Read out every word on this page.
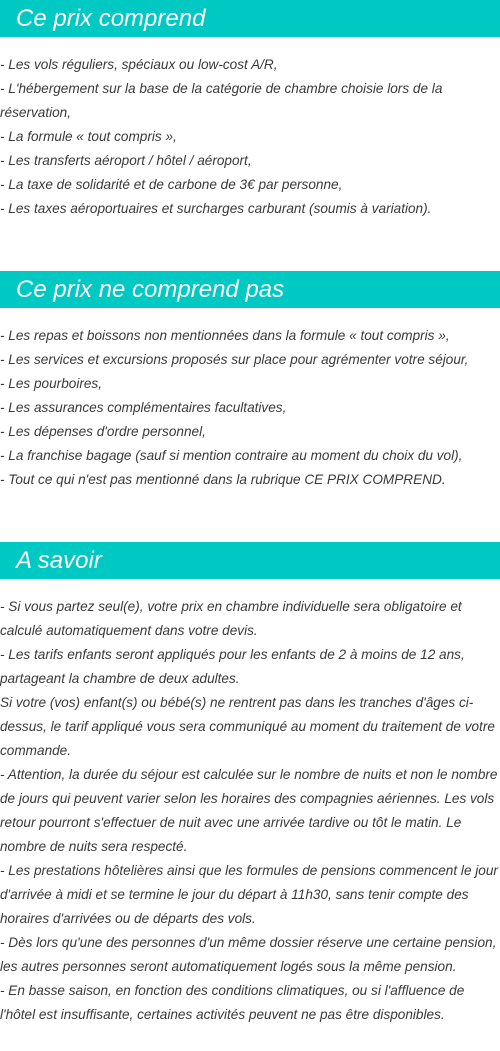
Ce prix comprend
- Les vols réguliers, spéciaux ou low-cost A/R,
- L'hébergement sur la base de la catégorie de chambre choisie lors de la réservation,
- La formule « tout compris »,
- Les transferts aéroport / hôtel / aéroport,
- La taxe de solidarité et de carbone de 3€ par personne,
- Les taxes aéroportuaires et surcharges carburant (soumis à variation).
Ce prix ne comprend pas
- Les repas et boissons non mentionnées dans la formule « tout compris »,
- Les services et excursions proposés sur place pour agrémenter votre séjour,
- Les pourboires,
- Les assurances complémentaires facultatives,
- Les dépenses d'ordre personnel,
- La franchise bagage (sauf si mention contraire au moment du choix du vol),
- Tout ce qui n'est pas mentionné dans la rubrique CE PRIX COMPREND.
A savoir
- Si vous partez seul(e), votre prix en chambre individuelle sera obligatoire et calculé automatiquement dans votre devis.
- Les tarifs enfants seront appliqués pour les enfants de 2 à moins de 12 ans, partageant la chambre de deux adultes.
Si votre (vos) enfant(s) ou bébé(s) ne rentrent pas dans les tranches d'âges ci-dessus, le tarif appliqué vous sera communiqué au moment du traitement de votre commande.
- Attention, la durée du séjour est calculée sur le nombre de nuits et non le nombre de jours qui peuvent varier selon les horaires des compagnies aériennes. Les vols retour pourront s'effectuer de nuit avec une arrivée tardive ou tôt le matin. Le nombre de nuits sera respecté.
- Les prestations hôtelières ainsi que les formules de pensions commencent le jour d'arrivée à midi et se termine le jour du départ à 11h30, sans tenir compte des horaires d'arrivées ou de départs des vols.
- Dès lors qu'une des personnes d'un même dossier réserve une certaine pension, les autres personnes seront automatiquement logés sous la même pension.
- En basse saison, en fonction des conditions climatiques, ou si l'affluence de l'hôtel est insuffisante, certaines activités peuvent ne pas être disponibles.
